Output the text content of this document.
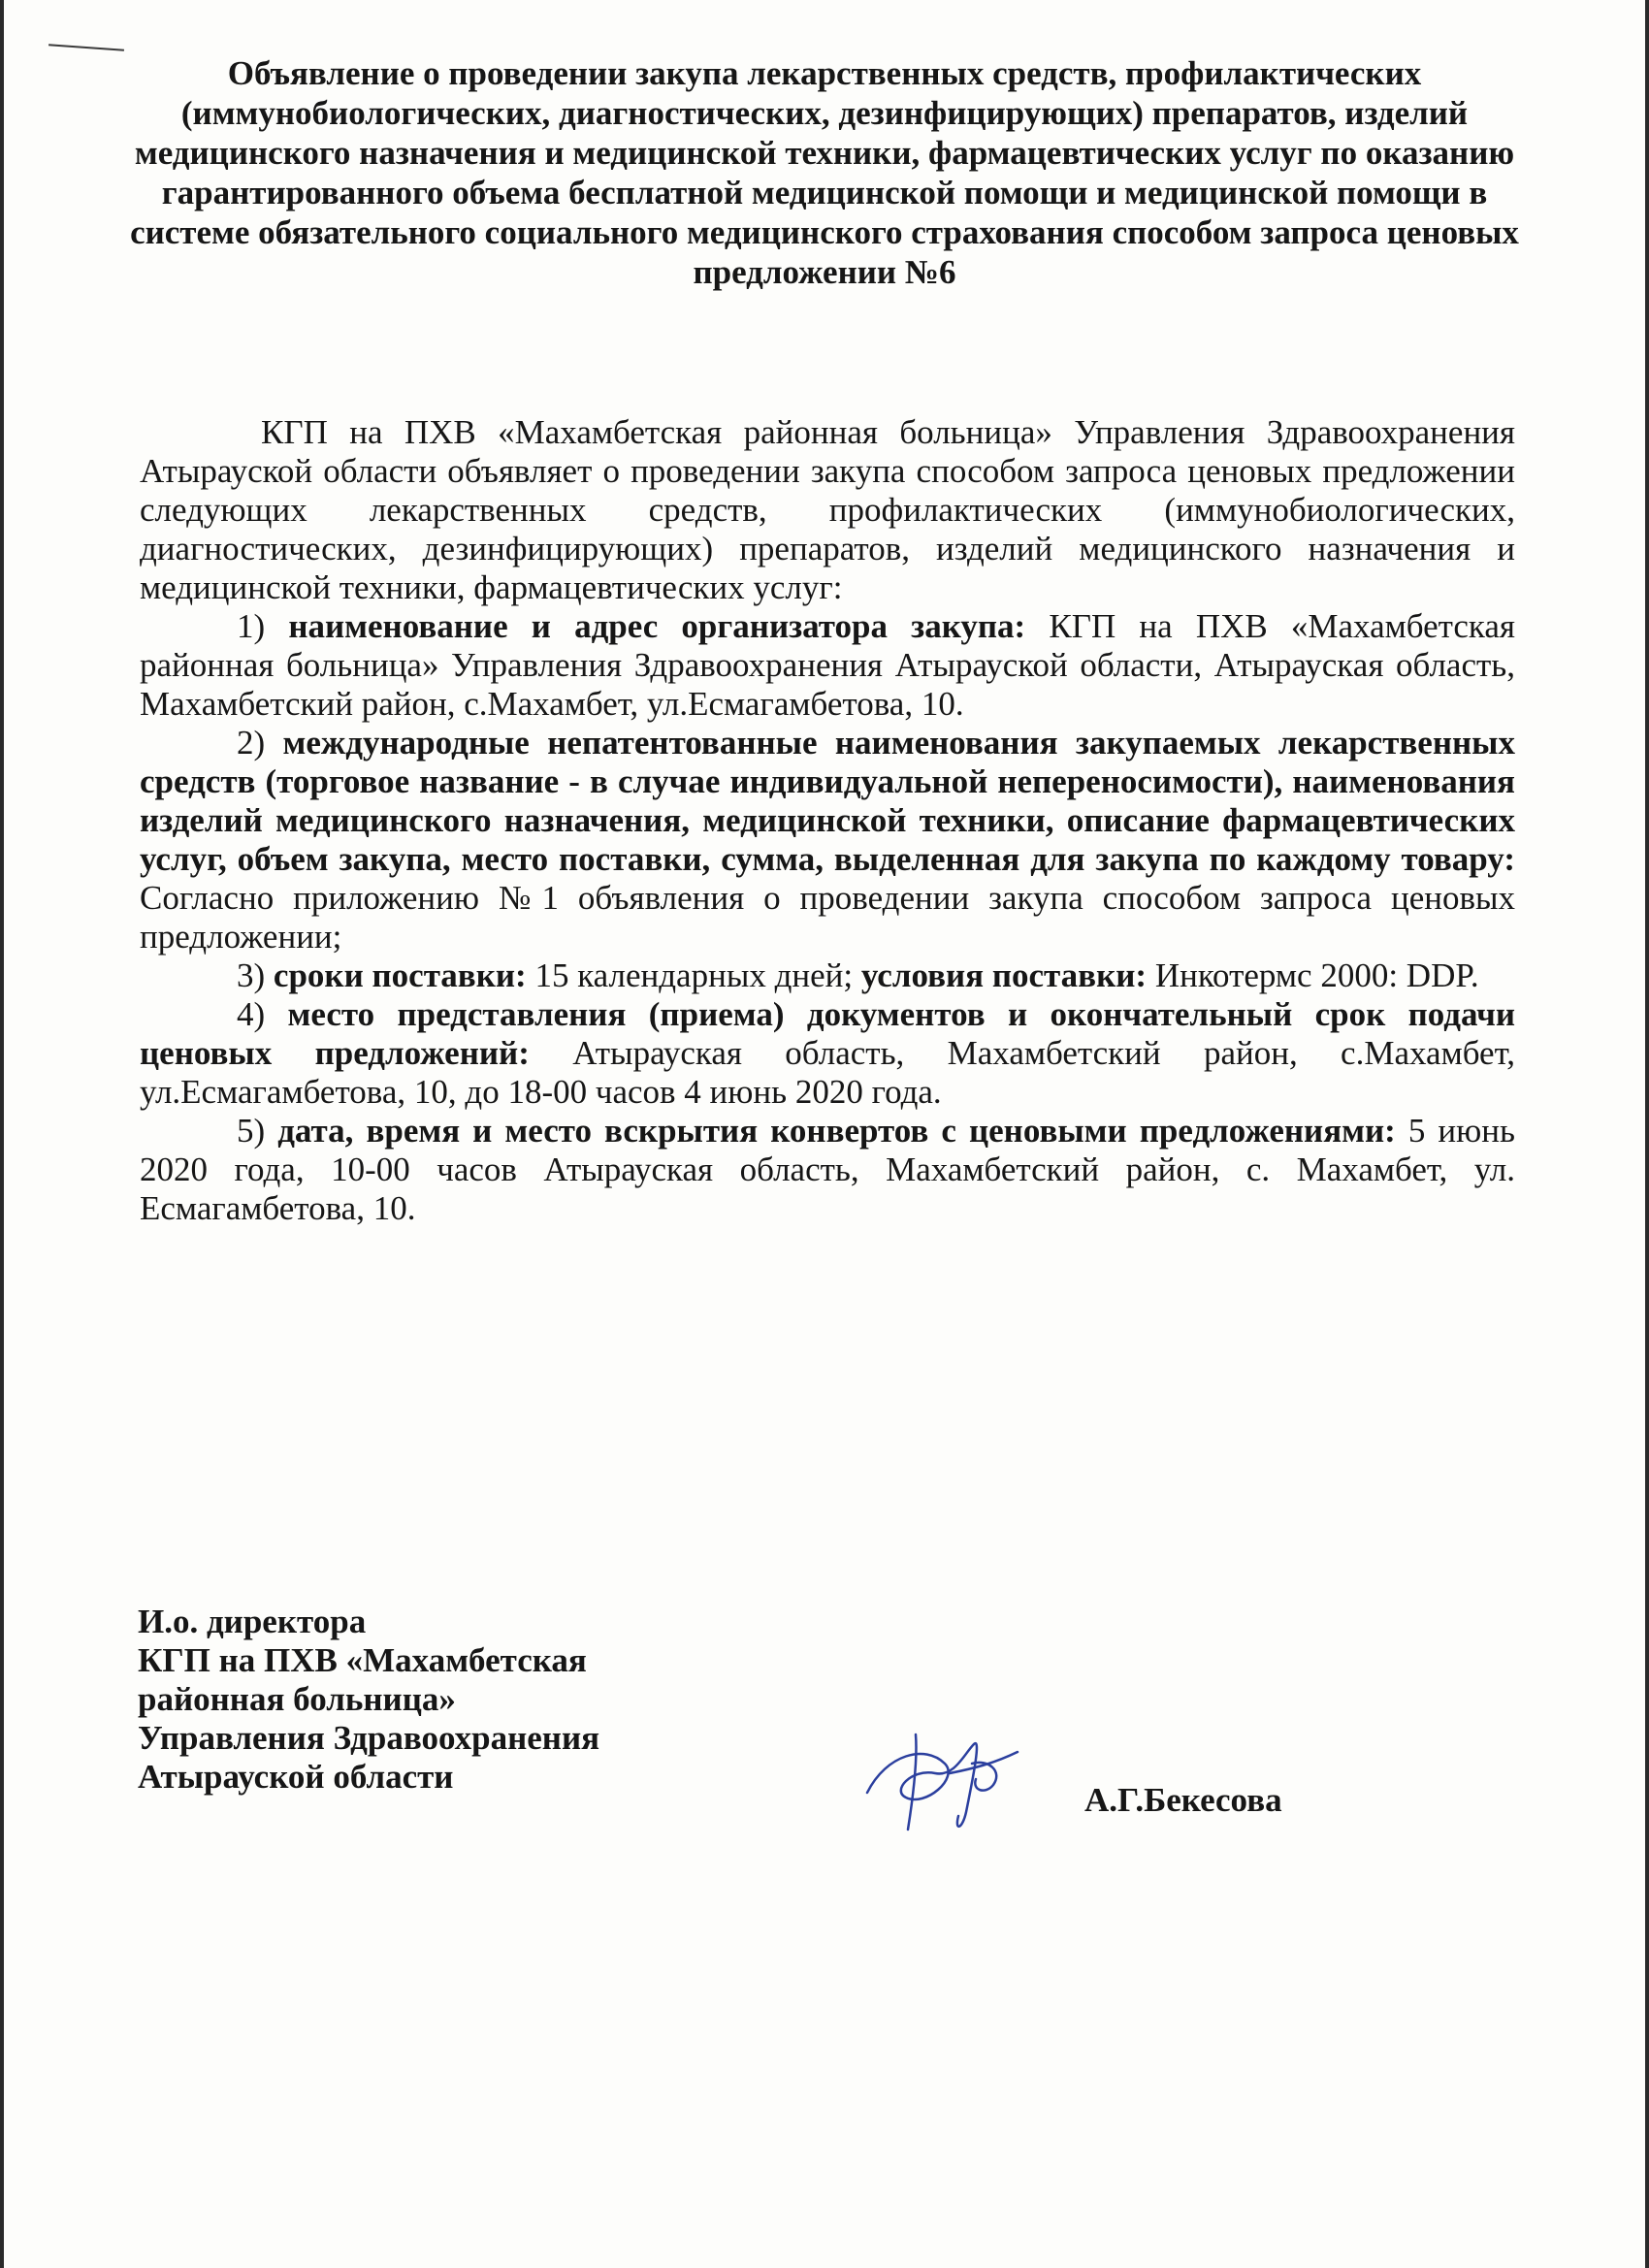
Объявление о проведении закупа лекарственных средств, профилактических (иммунобиологических, диагностических, дезинфицирующих) препаратов, изделий медицинского назначения и медицинской техники, фармацевтических услуг по оказанию гарантированного объема бесплатной медицинской помощи и медицинской помощи в системе обязательного социального медицинского страхования способом запроса ценовых предложении №6

КГП на ПХВ «Махамбетская районная больница» Управления Здравоохранения Атырауской области объявляет о проведении закупа способом запроса ценовых предложении следующих лекарственных средств, профилактических (иммунобиологических, диагностических, дезинфицирующих) препаратов, изделий медицинского назначения и медицинской техники, фармацевтических услуг:

1) наименование и адрес организатора закупа: КГП на ПХВ «Махамбетская районная больница» Управления Здравоохранения Атырауской области, Атырауская область, Махамбетский район, с.Махамбет, ул.Есмагамбетова, 10.

2) международные непатентованные наименования закупаемых лекарственных средств (торговое название - в случае индивидуальной непереносимости), наименования изделий медицинского назначения, медицинской техники, описание фармацевтических услуг, объем закупа, место поставки, сумма, выделенная для закупа по каждому товару: Согласно приложению №1 объявления о проведении закупа способом запроса ценовых предложении;

3) сроки поставки: 15 календарных дней; условия поставки: Инкотермс 2000: DDP.

4) место представления (приема) документов и окончательный срок подачи ценовых предложений: Атырауская область, Махамбетский район, с.Махамбет, ул.Есмагамбетова, 10, до 18-00 часов 4 июнь 2020 года.

5) дата, время и место вскрытия конвертов с ценовыми предложениями: 5 июнь 2020 года, 10-00 часов Атырауская область, Махамбетский район, с. Махамбет, ул. Есмагамбетова, 10.

И.о. директора
КГП на ПХВ «Махамбетская
районная больница»
Управления Здравоохранения
Атырауской области
А.Г.Бекесова
